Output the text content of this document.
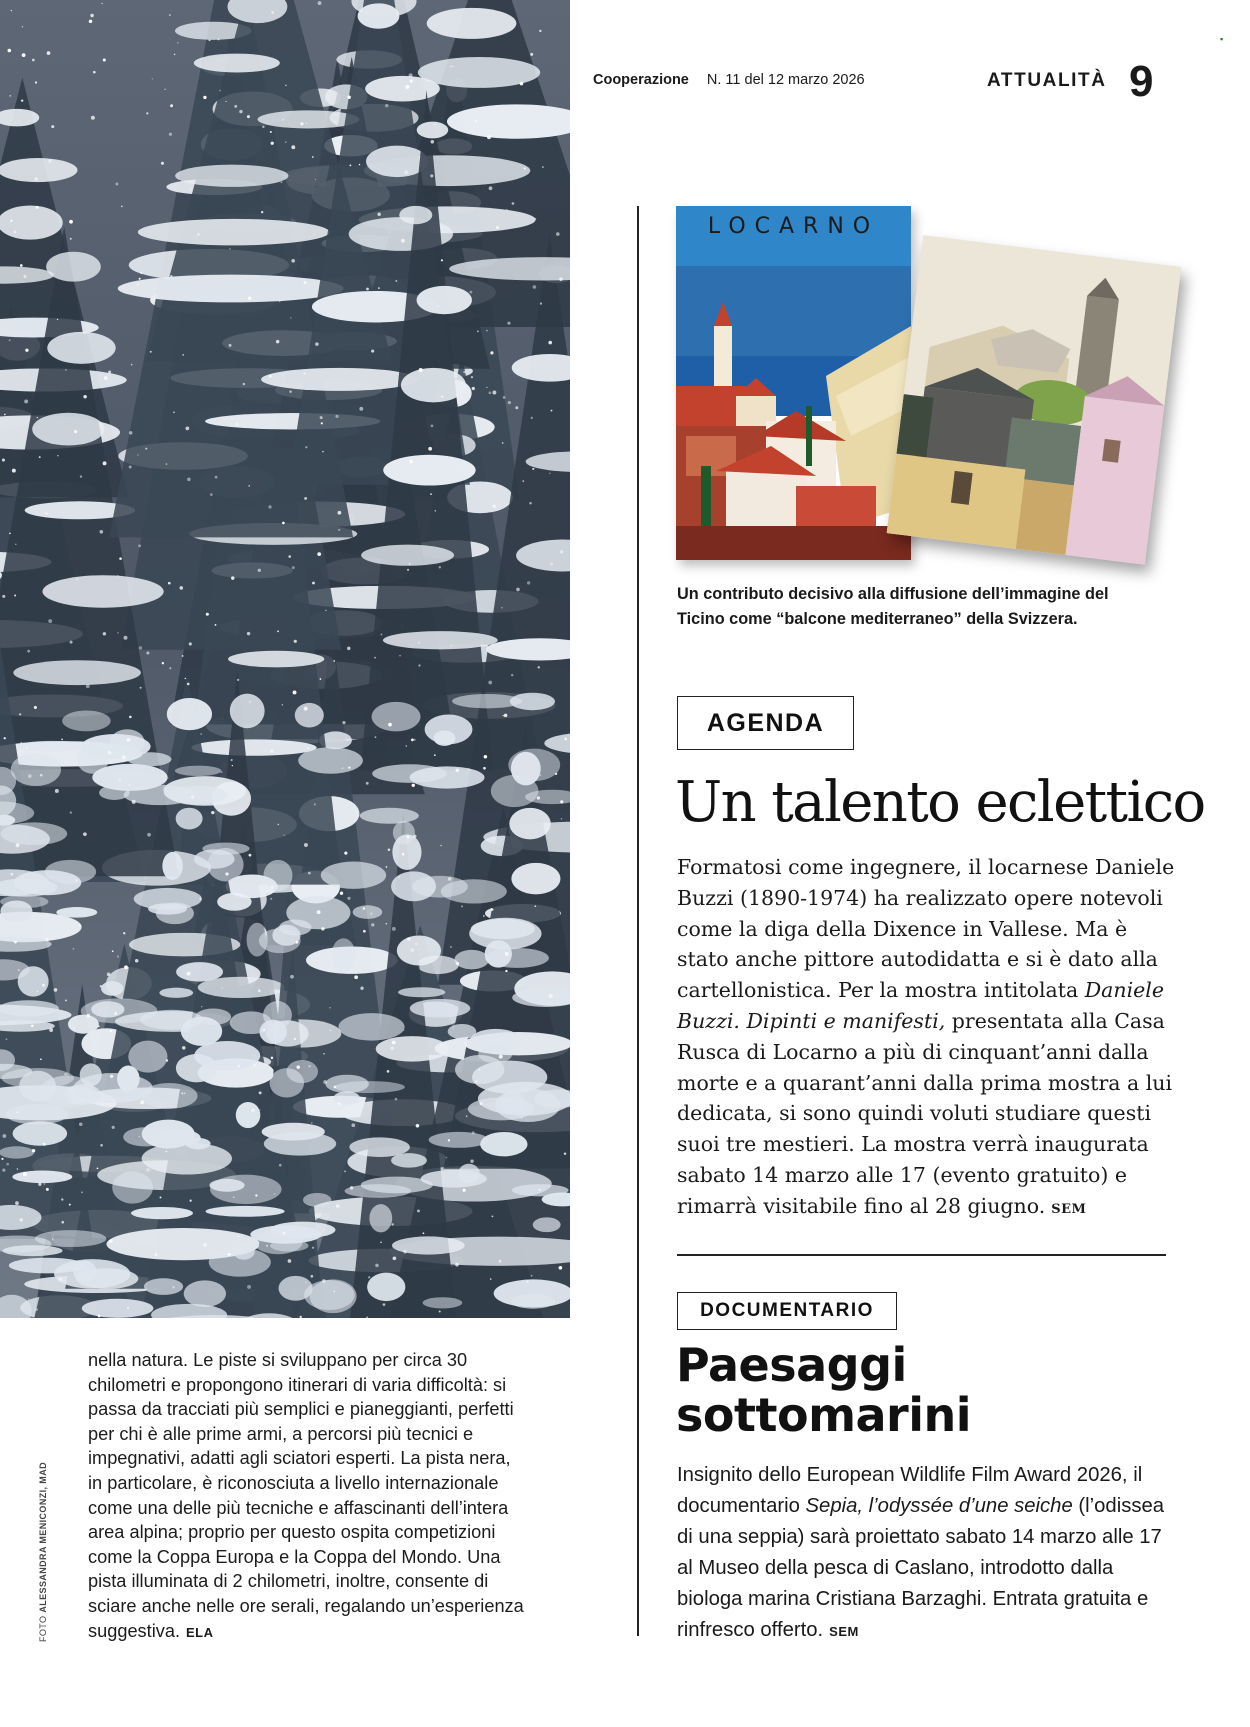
Cooperazione N. 11 del 12 marzo 2026	ATTUALITÀ 9
▪
LOCARNO
Un contributo decisivo alla diffusione dell’immagine del Ticino come “balcone mediterraneo” della Svizzera.
AGENDA
Un talento eclettico
Formatosi come ingegnere, il locarnese Daniele Buzzi (1890-1974) ha realizzato opere notevoli come la diga della Dixence in Vallese. Ma è stato anche pittore autodidatta e si è dato alla cartellonistica. Per la mostra intitolata Daniele Buzzi. Dipinti e manifesti, presentata alla Casa Rusca di Locarno a più di cinquant’anni dalla morte e a quarant’anni dalla prima mostra a lui dedicata, si sono quindi voluti studiare questi suoi tre mestieri. La mostra verrà inaugurata sabato 14 marzo alle 17 (evento gratuito) e rimarrà visitabile fino al 28 giugno. SEM
DOCUMENTARIO
Paesaggi sottomarini
Insignito dello European Wildlife Film Award 2026, il documentario Sepia, l’odyssée d’une seiche (l’odissea di una seppia) sarà proiettato sabato 14 marzo alle 17 al Museo della pesca di Caslano, introdotto dalla biologa marina Cristiana Barzaghi. Entrata gratuita e rinfresco offerto. SEM
nella natura. Le piste si sviluppano per circa 30 chilometri e propongono itinerari di varia difficoltà: si passa da tracciati più semplici e pianeggianti, perfetti per chi è alle prime armi, a percorsi più tecnici e impegnativi, adatti agli sciatori esperti. La pista nera, in particolare, è riconosciuta a livello internazionale come una delle più tecniche e affascinanti dell’intera area alpina; proprio per questo ospita competizioni come la Coppa Europa e la Coppa del Mondo. Una pista illuminata di 2 chilometri, inoltre, consente di sciare anche nelle ore serali, regalando un’esperienza suggestiva. ELA
FOTO ALESSANDRA MENICONZI, MAD
